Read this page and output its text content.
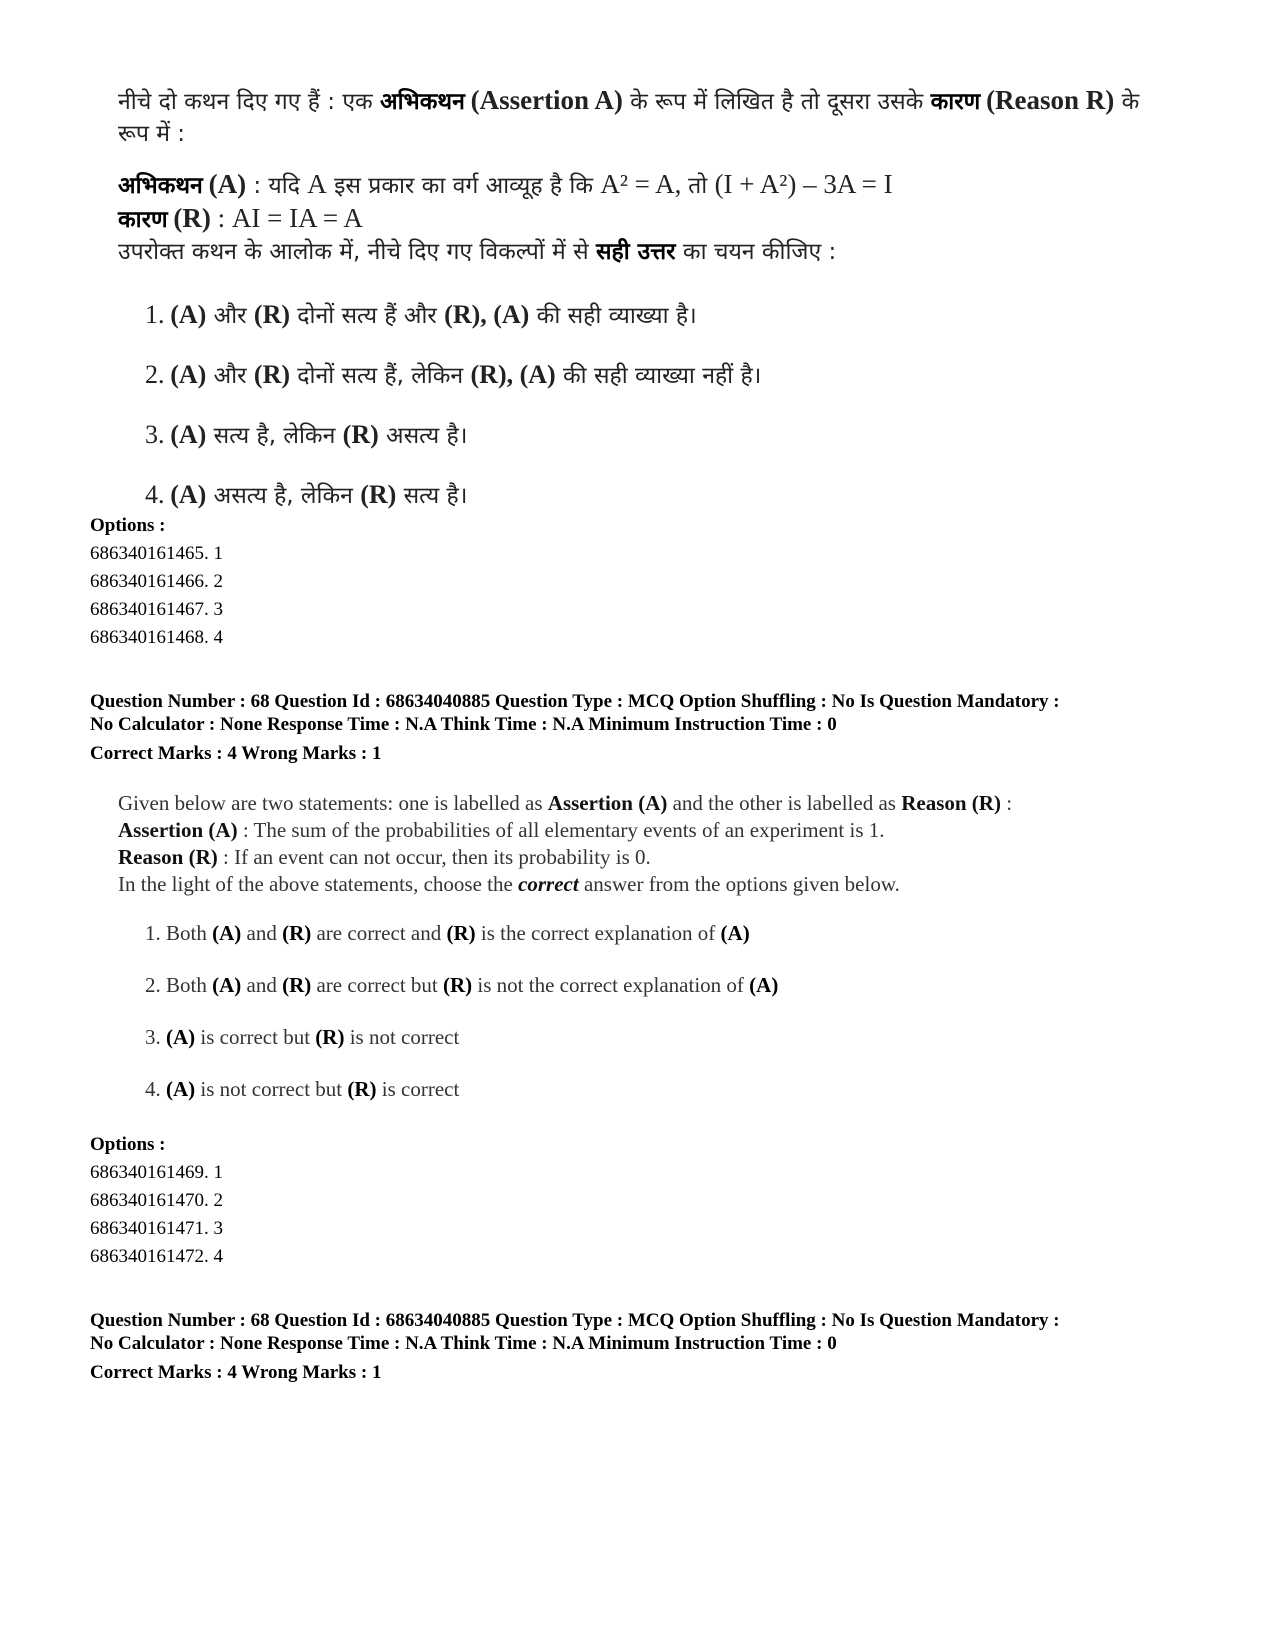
नीचे दो कथन दिए गए हैं : एक अभिकथन (Assertion A) के रूप में लिखित है तो दूसरा उसके कारण (Reason R) के
रूप में :
अभिकथन (A) : यदि A इस प्रकार का वर्ग आव्यूह है कि A² = A, तो (I + A²) – 3A = I
कारण (R) : AI = IA = A
उपरोक्त कथन के आलोक में, नीचे दिए गए विकल्पों में से सही उत्तर का चयन कीजिए :
1. (A) और (R) दोनों सत्य हैं और (R), (A) की सही व्याख्या है।
2. (A) और (R) दोनों सत्य हैं, लेकिन (R), (A) की सही व्याख्या नहीं है।
3. (A) सत्य है, लेकिन (R) असत्य है।
4. (A) असत्य है, लेकिन (R) सत्य है।
Options :
686340161465. 1
686340161466. 2
686340161467. 3
686340161468. 4
Question Number : 68 Question Id : 68634040885 Question Type : MCQ Option Shuffling : No Is Question Mandatory :
No Calculator : None Response Time : N.A Think Time : N.A Minimum Instruction Time : 0
Correct Marks : 4 Wrong Marks : 1
Given below are two statements: one is labelled as Assertion (A) and the other is labelled as Reason (R) :
Assertion (A) : The sum of the probabilities of all elementary events of an experiment is 1.
Reason (R) : If an event can not occur, then its probability is 0.
In the light of the above statements, choose the correct answer from the options given below.
1. Both (A) and (R) are correct and (R) is the correct explanation of (A)
2. Both (A) and (R) are correct but (R) is not the correct explanation of (A)
3. (A) is correct but (R) is not correct
4. (A) is not correct but (R) is correct
Options :
686340161469. 1
686340161470. 2
686340161471. 3
686340161472. 4
Question Number : 68 Question Id : 68634040885 Question Type : MCQ Option Shuffling : No Is Question Mandatory :
No Calculator : None Response Time : N.A Think Time : N.A Minimum Instruction Time : 0
Correct Marks : 4 Wrong Marks : 1
